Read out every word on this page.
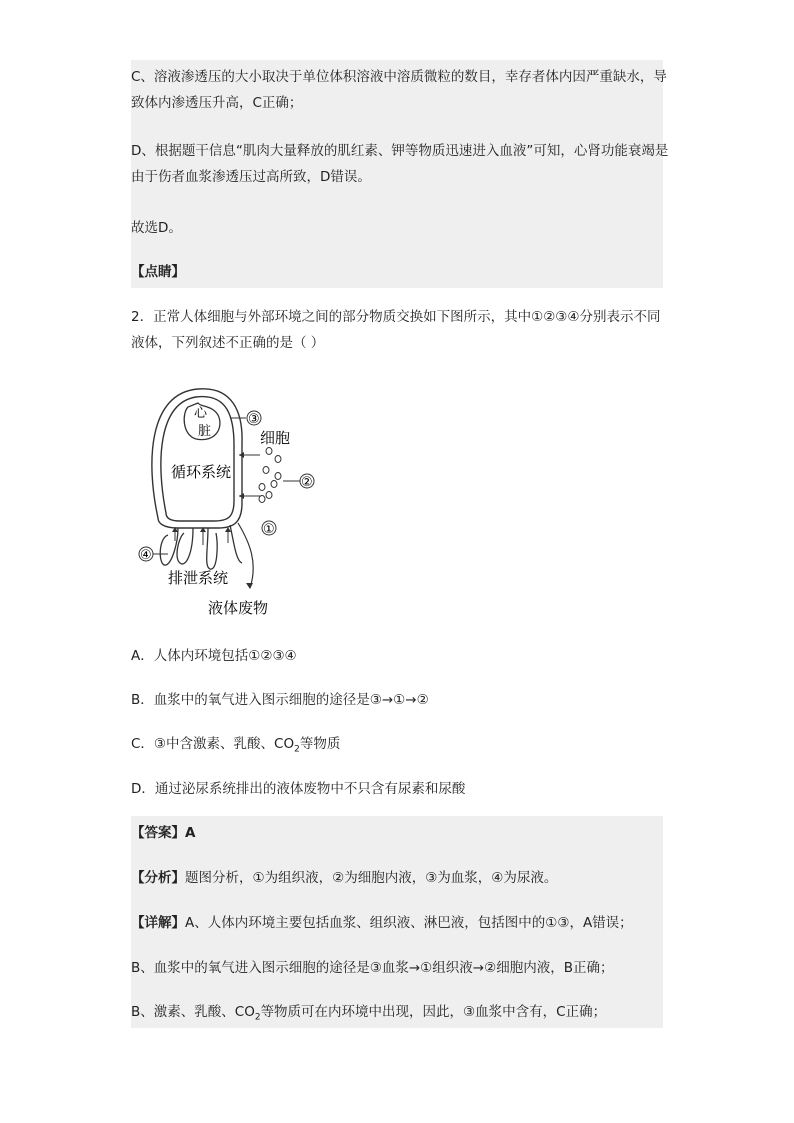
C、溶液渗透压的大小取决于单位体积溶液中溶质微粒的数目，幸存者体内因严重缺水，导致体内渗透压升高，C正确；
D、根据题干信息“肌肉大量释放的肌红素、钾等物质迅速进入血液”可知，心肾功能衰竭是由于伤者血浆渗透压过高所致，D错误。
故选D。
【点睛】
2．正常人体细胞与外部环境之间的部分物质交换如下图所示，其中①②③④分别表示不同液体，下列叙述不正确的是（ ）
心
脏
循环系统
③
细胞
②
①
④
排泄系统
液体废物
A．人体内环境包括①②③④
B．血浆中的氧气进入图示细胞的途径是③→①→②
C．③中含激素、乳酸、$CO_2$等物质
D．通过泌尿系统排出的液体废物中不只含有尿素和尿酸
【答案】A
【分析】题图分析，①为组织液，②为细胞内液，③为血浆，④为尿液。
【详解】A、人体内环境主要包括血浆、组织液、淋巴液，包括图中的①③，A错误；
B、血浆中的氧气进入图示细胞的途径是③血浆→①组织液→②细胞内液，B正确；
B、激素、乳酸、$CO_2$等物质可在内环境中出现，因此，③血浆中含有，C正确；
